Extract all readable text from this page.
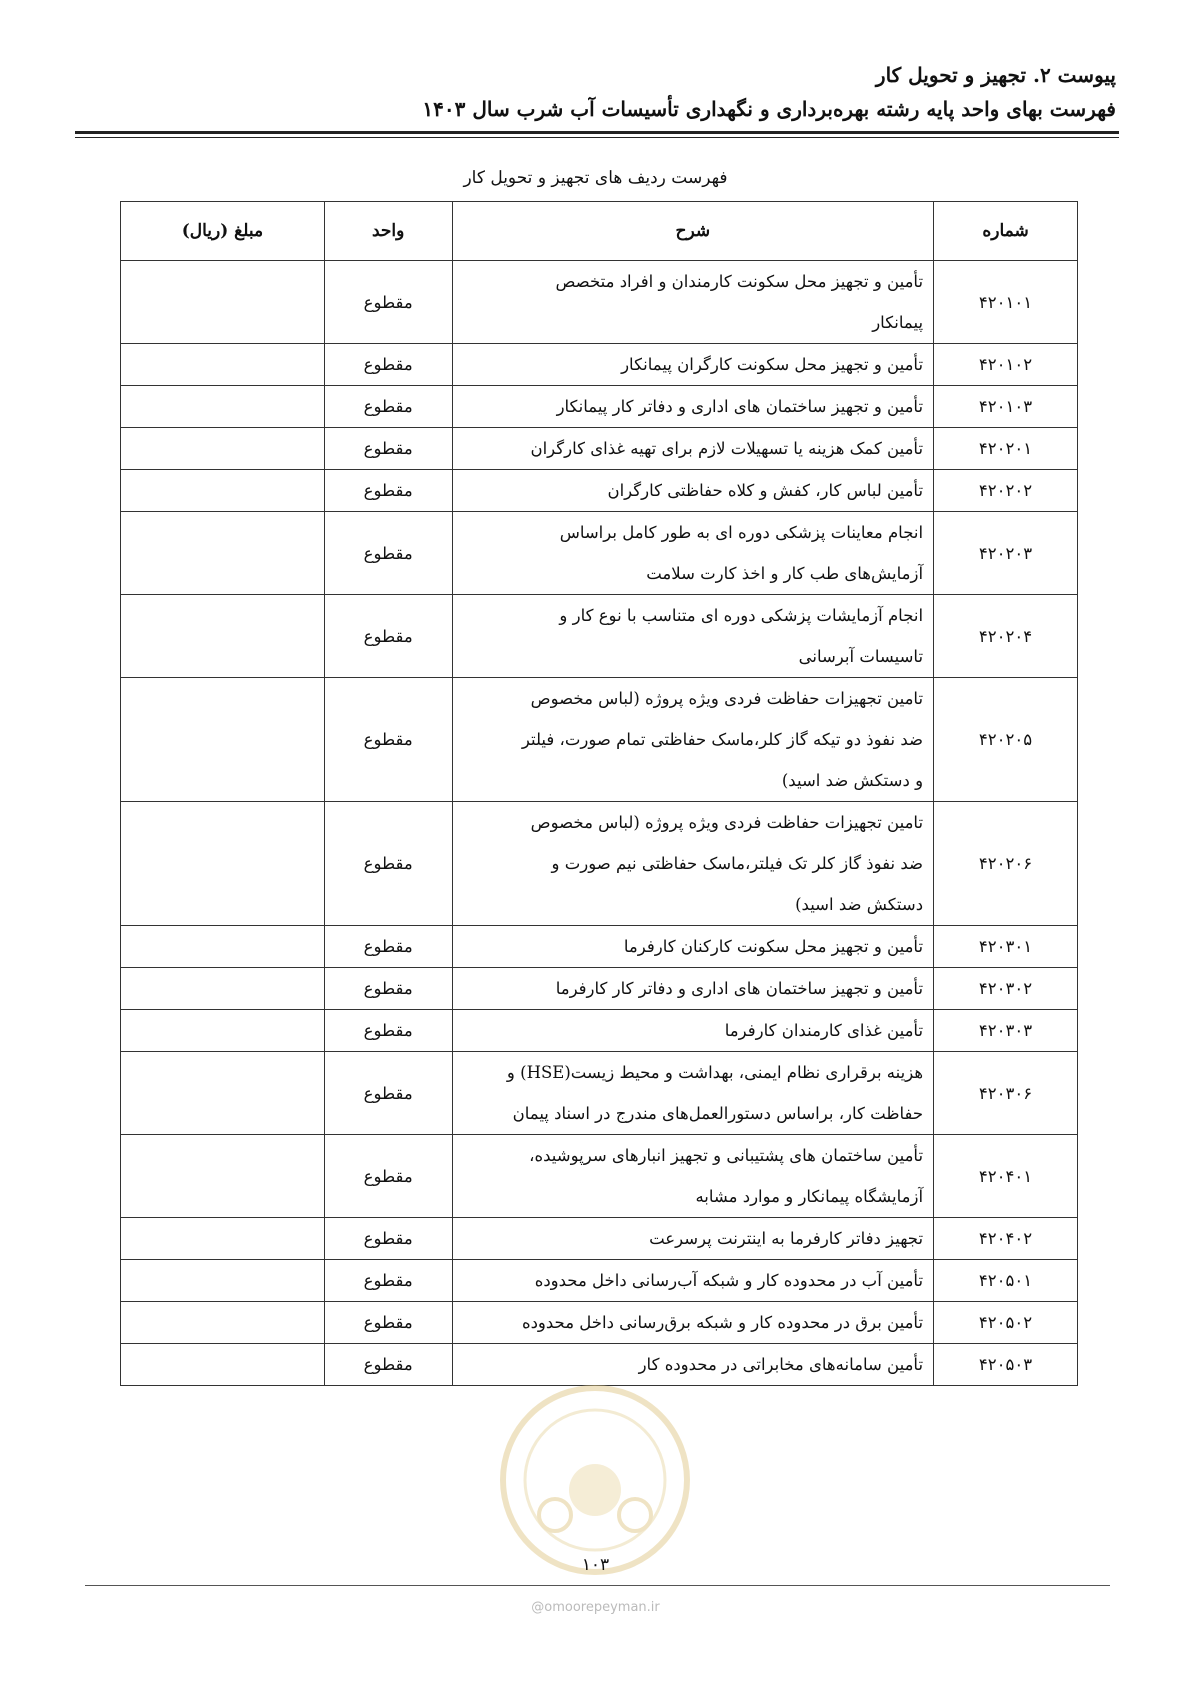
پیوست ۲. تجهیز و تحویل کار
فهرست بهای واحد پایه رشته بهره‌برداری و نگهداری تأسیسات آب شرب سال ۱۴۰۳
فهرست ردیف های تجهیز و تحویل کار
شماره	شرح	واحد	مبلغ (ریال)
۴۲۰۱۰۱	تأمین و تجهیز محل سکونت کارمندان و افراد متخصص
پیمانکار	مقطوع	
۴۲۰۱۰۲	تأمین و تجهیز محل سکونت کارگران پیمانکار	مقطوع	
۴۲۰۱۰۳	تأمین و تجهیز ساختمان های اداری و دفاتر کار پیمانکار	مقطوع	
۴۲۰۲۰۱	تأمین کمک هزینه یا تسهیلات لازم برای تهیه غذای کارگران	مقطوع	
۴۲۰۲۰۲	تأمین لباس کار، کفش و کلاه حفاظتی کارگران	مقطوع	
۴۲۰۲۰۳	انجام معاینات پزشکی دوره ای به طور کامل براساس
آزمایش‌های طب کار و اخذ کارت سلامت	مقطوع	
۴۲۰۲۰۴	انجام آزمایشات پزشکی دوره ای متناسب با نوع کار و
تاسیسات آبرسانی	مقطوع	
۴۲۰۲۰۵	تامین تجهیزات حفاظت فردی ویژه پروژه (لباس مخصوص
ضد نفوذ دو تیکه گاز کلر،ماسک حفاظتی تمام صورت، فیلتر
و دستکش ضد اسید)	مقطوع	
۴۲۰۲۰۶	تامین تجهیزات حفاظت فردی ویژه پروژه (لباس مخصوص
ضد نفوذ گاز کلر تک فیلتر،ماسک حفاظتی نیم صورت و
دستکش ضد اسید)	مقطوع	
۴۲۰۳۰۱	تأمین و تجهیز محل سکونت کارکنان کارفرما	مقطوع	
۴۲۰۳۰۲	تأمین و تجهیز ساختمان های اداری و دفاتر کار کارفرما	مقطوع	
۴۲۰۳۰۳	تأمین غذای کارمندان کارفرما	مقطوع	
۴۲۰۳۰۶	هزینه برقراری نظام ایمنی، بهداشت و محیط زیست(HSE) و
حفاظت کار، براساس دستورالعمل‌های مندرج در اسناد پیمان	مقطوع	
۴۲۰۴۰۱	تأمین ساختمان های پشتیبانی و تجهیز انبارهای سرپوشیده،
آزمایشگاه پیمانکار و موارد مشابه	مقطوع	
۴۲۰۴۰۲	تجهیز دفاتر کارفرما به اینترنت پرسرعت	مقطوع	
۴۲۰۵۰۱	تأمین آب در محدوده کار و شبکه آب‌رسانی داخل محدوده	مقطوع	
۴۲۰۵۰۲	تأمین برق در محدوده کار و شبکه برق‌رسانی داخل محدوده	مقطوع	
۴۲۰۵۰۳	تأمین سامانه‌های مخابراتی در محدوده کار	مقطوع	
۱۰۳
@omoorepeyman.ir
